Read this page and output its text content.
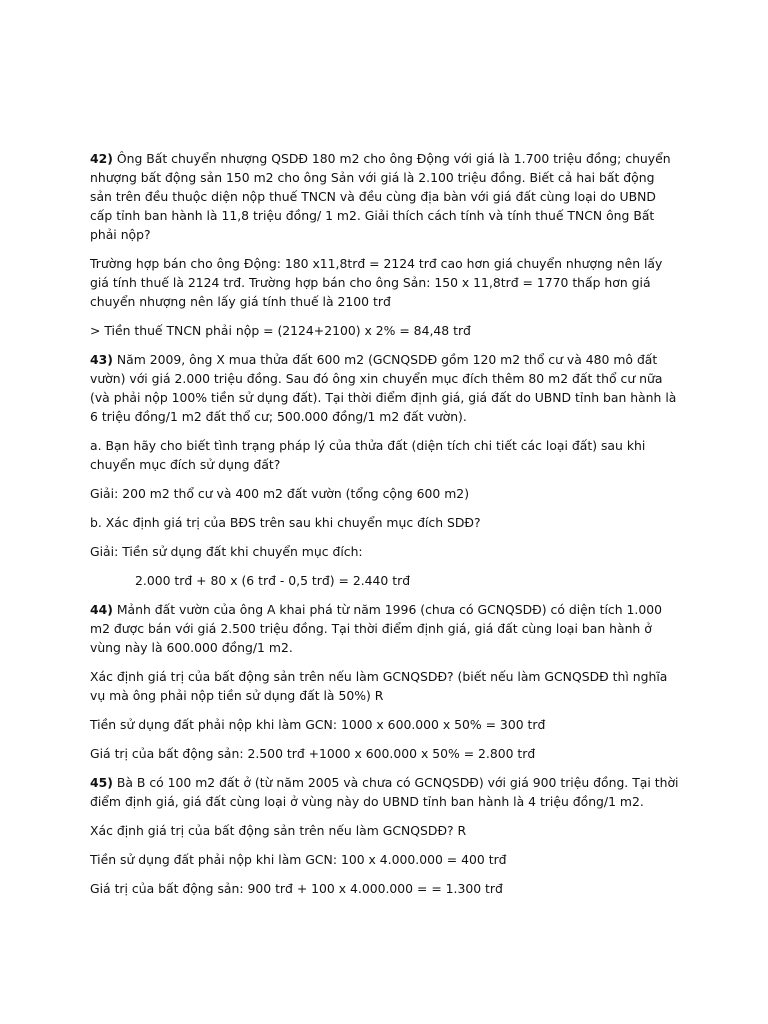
42) Ông Bất chuyển nhượng QSDĐ 180 m2 cho ông Động với giá là 1.700 triệu đồng; chuyển nhượng bất động sản 150 m2 cho ông Sản với giá là 2.100 triệu đồng. Biết cả hai bất động sản trên đều thuộc diện nộp thuế TNCN và đều cùng địa bàn với giá đất cùng loại do UBND cấp tỉnh ban hành là 11,8 triệu đồng/ 1 m2. Giải thích cách tính và tính thuế TNCN ông Bất phải nộp?

Trường hợp bán cho ông Động: 180 x11,8trđ = 2124 trđ cao hơn giá chuyển nhượng nên lấy giá tính thuế là 2124 trđ. Trường hợp bán cho ông Sản: 150 x 11,8trđ = 1770 thấp hơn giá chuyển nhượng nên lấy giá tính thuế là 2100 trđ

> Tiền thuế TNCN phải nộp = (2124+2100) x 2% = 84,48 trđ

43) Năm 2009, ông X mua thửa đất 600 m2 (GCNQSDĐ gồm 120 m2 thổ cư và 480 mô đất vườn) với giá 2.000 triệu đồng. Sau đó ông xin chuyển mục đích thêm 80 m2 đất thổ cư nữa (và phải nộp 100% tiền sử dụng đất). Tại thời điểm định giá, giá đất do UBND tỉnh ban hành là 6 triệu đồng/1 m2 đất thổ cư; 500.000 đồng/1 m2 đất vườn).

a. Bạn hãy cho biết tình trạng pháp lý của thửa đất (diện tích chi tiết các loại đất) sau khi chuyển mục đích sử dụng đất?

Giải: 200 m2 thổ cư và 400 m2 đất vườn (tổng cộng 600 m2)

b. Xác định giá trị của BĐS trên sau khi chuyển mục đích SDĐ?

Giải: Tiền sử dụng đất khi chuyển mục đích:

2.000 trđ + 80 x (6 trđ - 0,5 trđ) = 2.440 trđ

44) Mảnh đất vườn của ông A khai phá từ năm 1996 (chưa có GCNQSDĐ) có diện tích 1.000 m2 được bán với giá 2.500 triệu đồng. Tại thời điểm định giá, giá đất cùng loại ban hành ở vùng này là 600.000 đồng/1 m2.

Xác định giá trị của bất động sản trên nếu làm GCNQSDĐ? (biết nếu làm GCNQSDĐ thì nghĩa vụ mà ông phải nộp tiền sử dụng đất là 50%) R

Tiền sử dụng đất phải nộp khi làm GCN: 1000 x 600.000 x 50% = 300 trđ

Giá trị của bất động sản: 2.500 trđ +1000 x 600.000 x 50% = 2.800 trđ

45) Bà B có 100 m2 đất ở (từ năm 2005 và chưa có GCNQSDĐ) với giá 900 triệu đồng. Tại thời điểm định giá, giá đất cùng loại ở vùng này do UBND tỉnh ban hành là 4 triệu đồng/1 m2.

Xác định giá trị của bất động sản trên nếu làm GCNQSDĐ? R

Tiền sử dụng đất phải nộp khi làm GCN: 100 x 4.000.000 = 400 trđ

Giá trị của bất động sản: 900 trđ + 100 x 4.000.000 = = 1.300 trđ
